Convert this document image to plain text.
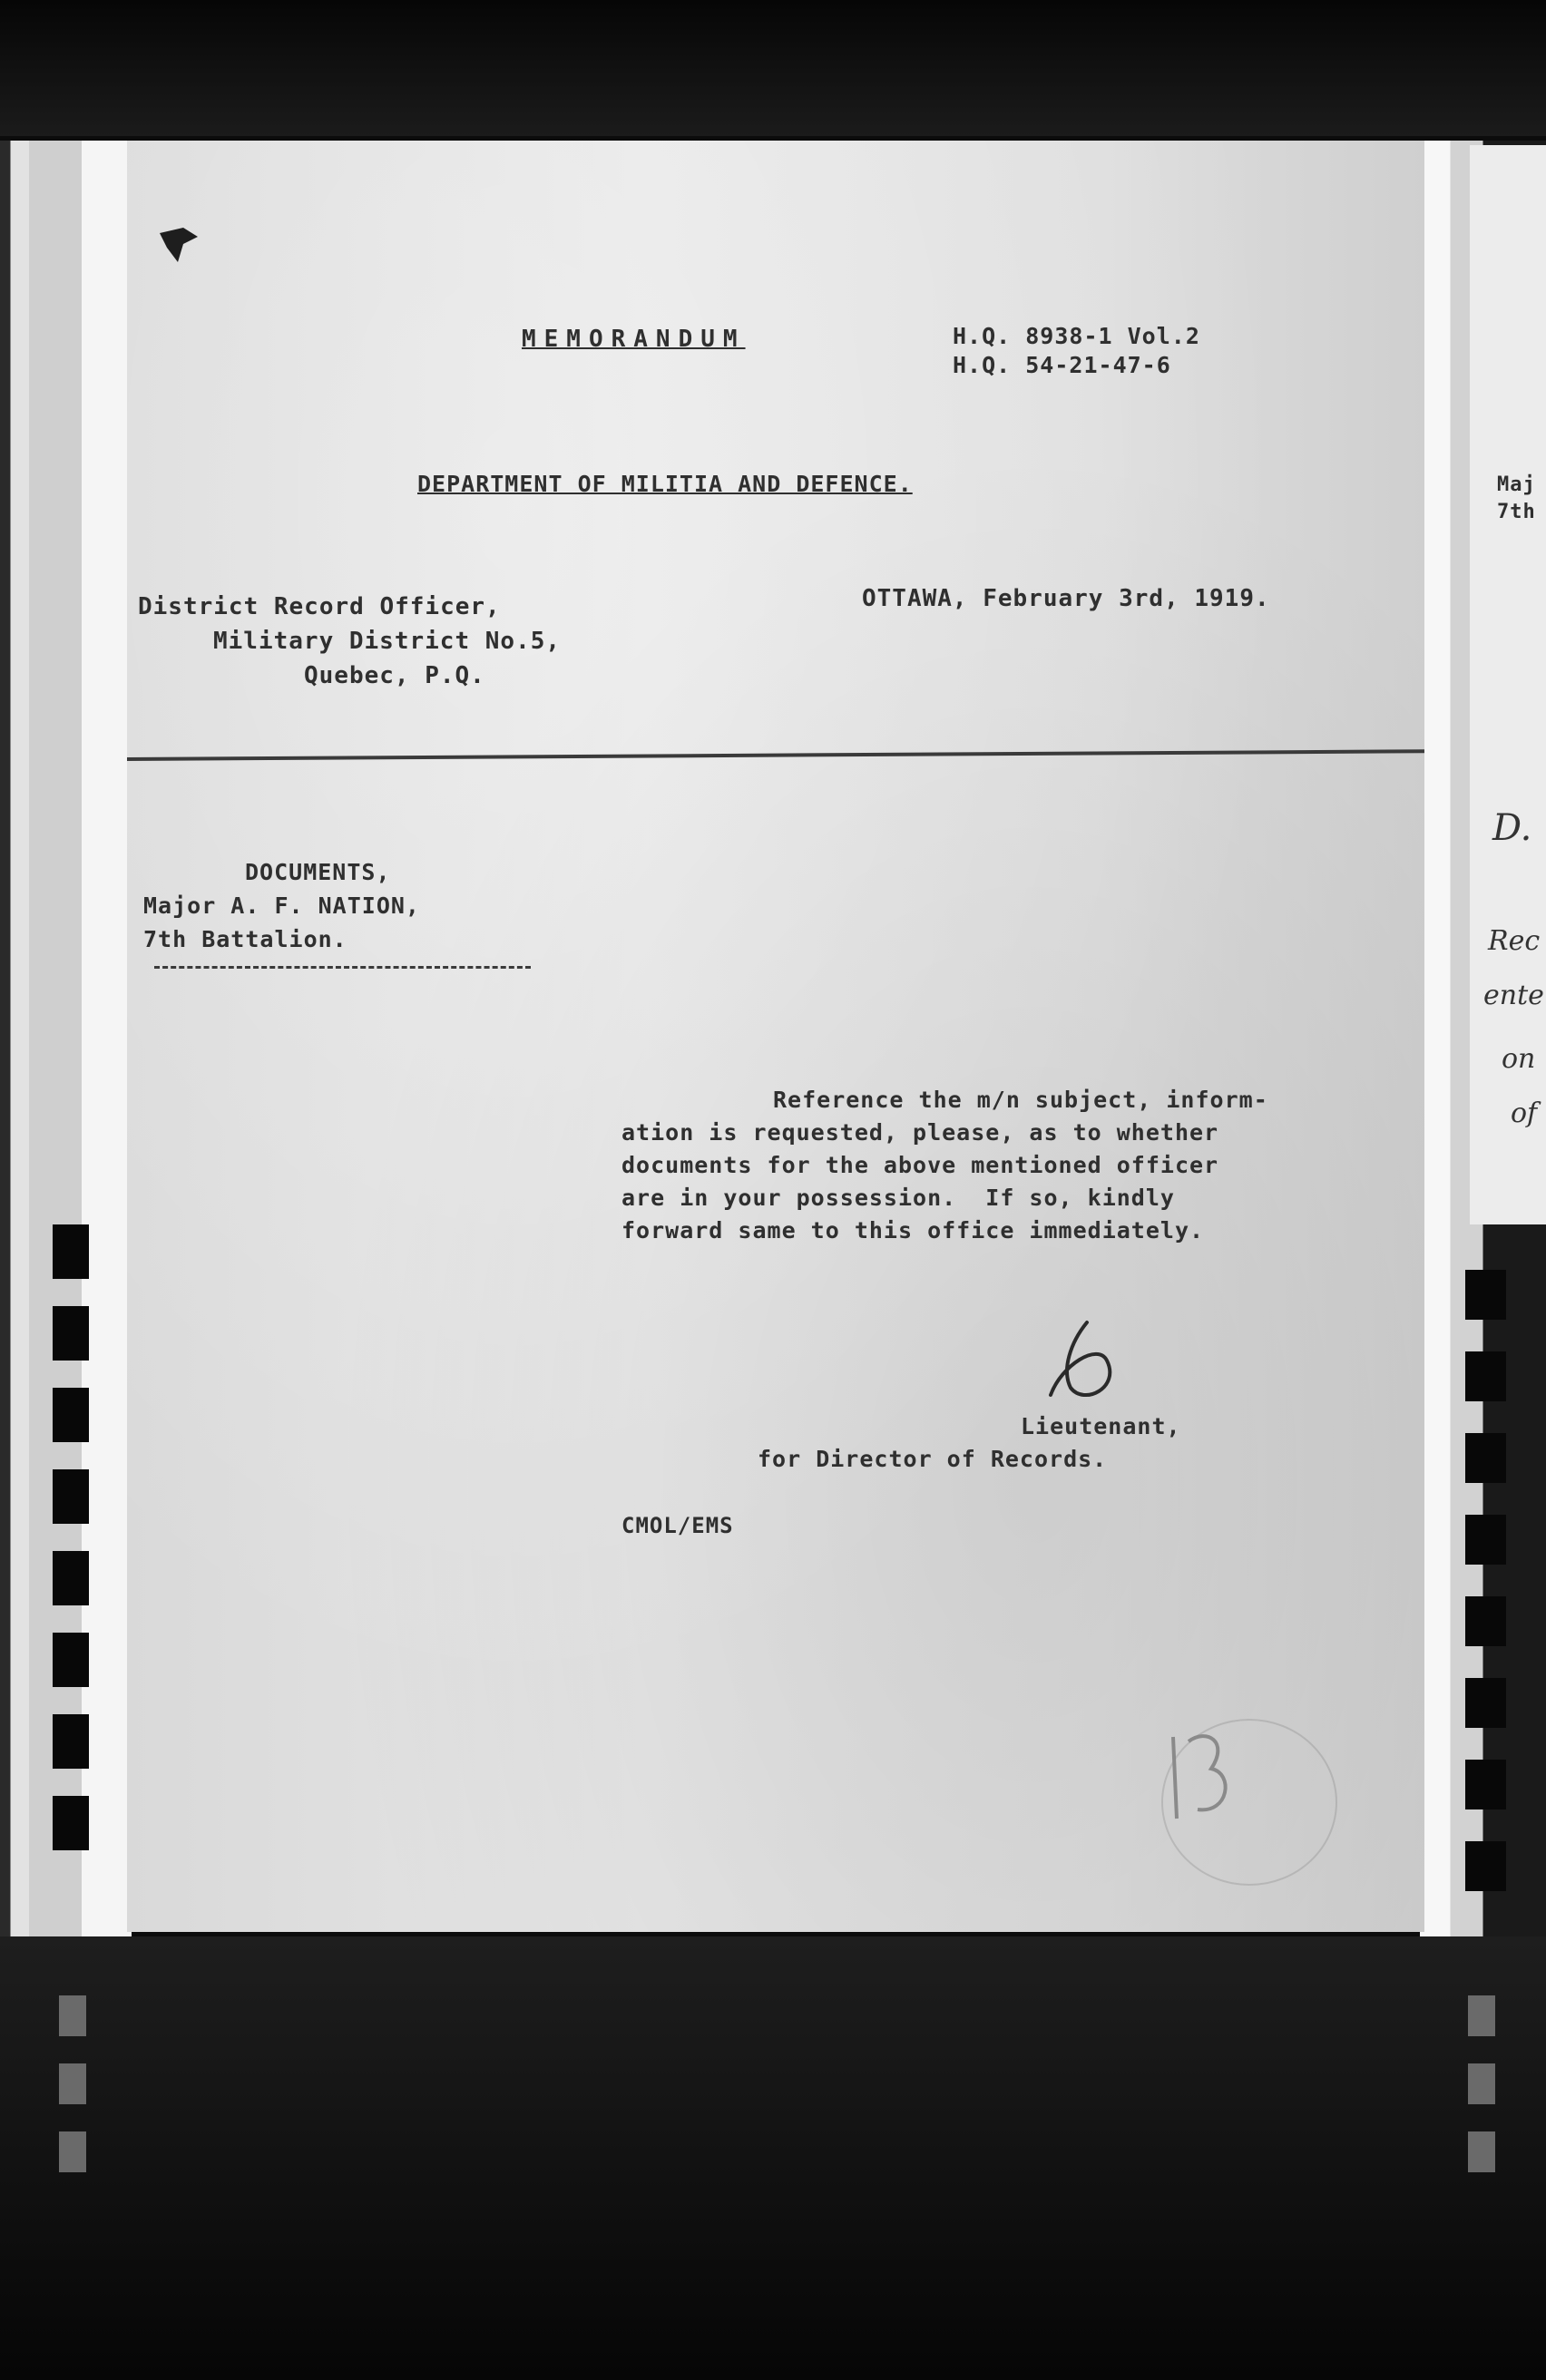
Maj
7th
D.
Rec
ente
on
of
MEMORANDUM	H.Q. 8938-1 Vol.2
H.Q. 54-21-47-6
DEPARTMENT OF MILITIA AND DEFENCE.
District Record Officer,
Military District No.5,
Quebec, P.Q.
OTTAWA, February 3rd, 1919.
DOCUMENTS,
Major A. F. NATION,
7th Battalion.
Reference the m/n subject, inform-
ation is requested, please, as to whether
documents for the above mentioned officer
are in your possession.  If so, kindly
forward same to this office immediately.
Lieutenant,
for Director of Records.
CMOL/EMS
